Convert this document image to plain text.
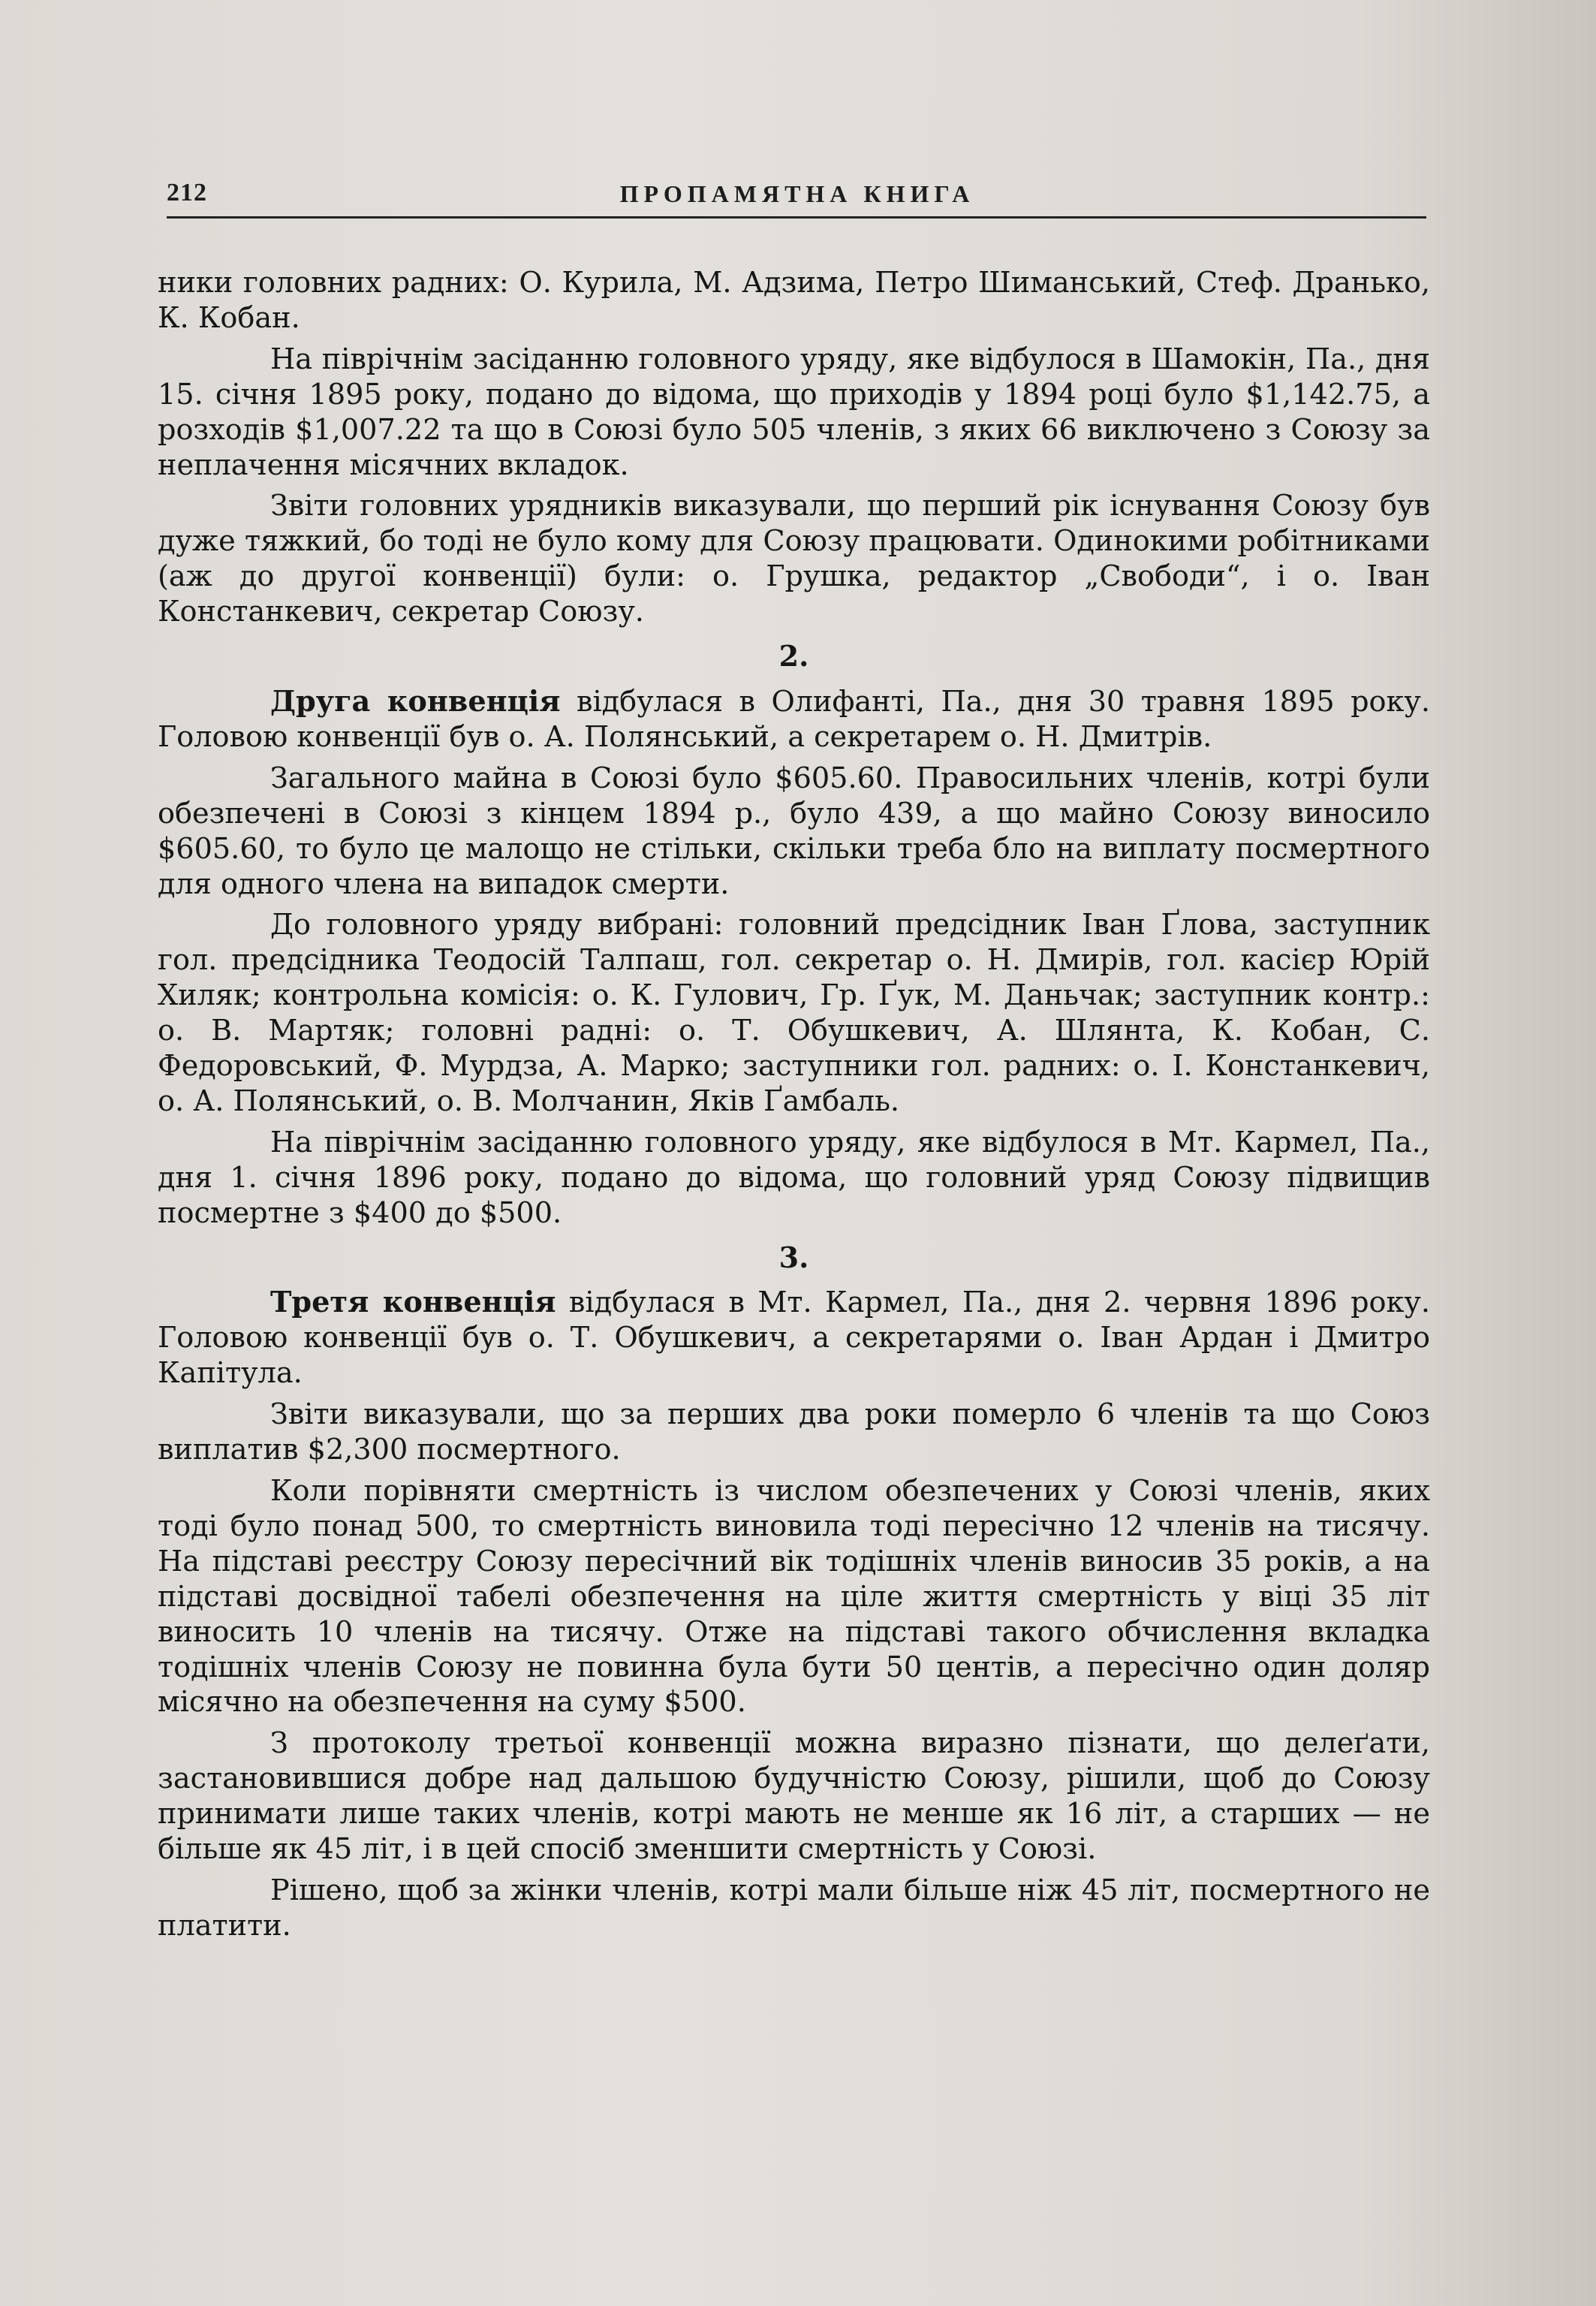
212	ПРОПАМЯТНА КНИГА

ники головних радних: О. Курила, М. Адзима, Петро Шиманський, Стеф. Дранько, К. Кобан.

На піврічнім засіданню головного уряду, яке відбулося в Шамокін, Па., дня 15. січня 1895 року, подано до відома, що приходів у 1894 році було $1,142.75, а розходів $1,007.22 та що в Союзі було 505 членів, з яких 66 виключено з Союзу за неплачення місячних вкладок.

Звіти головних урядників виказували, що перший рік існування Союзу був дуже тяжкий, бо тоді не було кому для Союзу працювати. Одинокими робітниками (аж до другої конвенції) були: о. Грушка, редактор „Свободи“, і о. Іван Констанкевич, секретар Союзу.

2.

Друга конвенція відбулася в Олифанті, Па., дня 30 травня 1895 року. Головою конвенції був о. А. Полянський, а секретарем о. Н. Дмитрів.

Загального майна в Союзі було $605.60. Правосильних членів, котрі були обезпечені в Союзі з кінцем 1894 р., було 439, а що майно Союзу виносило $605.60, то було це малощо не стільки, скільки треба бло на виплату посмертного для одного члена на випадок смерти.

До головного уряду вибрані: головний предсідник Іван Ґлова, заступник гол. предсідника Теодосій Талпаш, гол. секретар о. Н. Дмирів, гол. касієр Юрій Хиляк; контрольна комісія: о. К. Гулович, Гр. Ґук, М. Даньчак; заступник контр.: о. В. Мартяк; головні радні: о. Т. Обушкевич, А. Шлянта, К. Кобан, С. Федоровський, Ф. Мурдза, А. Марко; заступники гол. радних: о. І. Констанкевич, о. А. Полянський, о. В. Молчанин, Яків Ґамбаль.

На піврічнім засіданню головного уряду, яке відбулося в Мт. Кармел, Па., дня 1. січня 1896 року, подано до відома, що головний уряд Союзу підвищив посмертне з $400 до $500.

3.

Третя конвенція відбулася в Мт. Кармел, Па., дня 2. червня 1896 року. Головою конвенції був о. Т. Обушкевич, а секретарями о. Іван Ардан і Дмитро Капітула.

Звіти виказували, що за перших два роки померло 6 членів та що Союз виплатив $2,300 посмертного.

Коли порівняти смертність із числом обезпечених у Союзі членів, яких тоді було понад 500, то смертність виновила тоді пересічно 12 членів на тисячу. На підставі реєстру Союзу пересічний вік тодішніх членів виносив 35 років, а на підставі досвідної табелі обезпечення на ціле життя смертність у віці 35 літ виносить 10 членів на тисячу. Отже на підставі такого обчислення вкладка тодішніх членів Союзу не повинна була бути 50 центів, а пересічно один доляр місячно на обезпечення на суму $500.

З протоколу третьої конвенції можна виразно пізнати, що делеґати, застановившися добре над дальшою будучністю Союзу, рішили, щоб до Союзу принимати лише таких членів, котрі мають не менше як 16 літ, а старших — не більше як 45 літ, і в цей спосіб зменшити смертність у Союзі.

Рішено, щоб за жінки членів, котрі мали більше ніж 45 літ, посмертного не платити.
